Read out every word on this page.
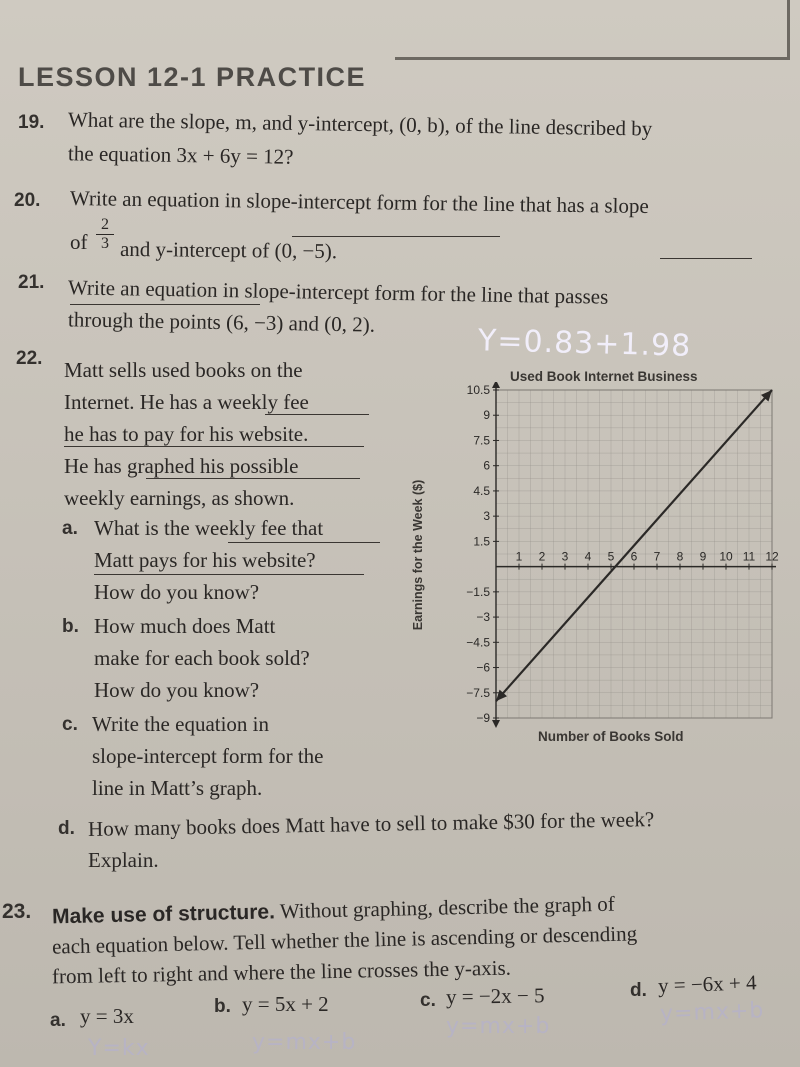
LESSON 12-1 PRACTICE
19. What are the slope, m, and y-intercept, (0, b), of the line described by
the equation 3x + 6y = 12?
20. Write an equation in slope-intercept form for the line that has a slope
of $\frac{2}{3}$ and y-intercept of (0, −5).
21. Write an equation in slope-intercept form for the line that passes
through the points (6, −3) and (0, 2).
Y=0.83+1.98
22. Matt sells used books on the
Internet. He has a weekly fee
he has to pay for his website.
He has graphed his possible
weekly earnings, as shown.
a. What is the weekly fee that
Matt pays for his website?
How do you know?
b. How much does Matt
make for each book sold?
How do you know?
c. Write the equation in
slope-intercept form for the
line in Matt’s graph.
d. How many books does Matt have to sell to make $30 for the week?
Explain.
Used Book Internet Business
Earnings for the Week ($)
Number of Books Sold
1 2 3 4 5 6 7 8 9 10 11 12
10.5
9
7.5
6
4.5
3
1.5
−1.5
−3
−4.5
−6
−7.5
−9
23. Make use of structure. Without graphing, describe the graph of
each equation below. Tell whether the line is ascending or descending
from left to right and where the line crosses the y-axis.
a. y = 3x
Y=kx
b. y = 5x + 2
y=mx+b
c. y = −2x − 5
y=mx+b
d. y = −6x + 4
y=mx+b
